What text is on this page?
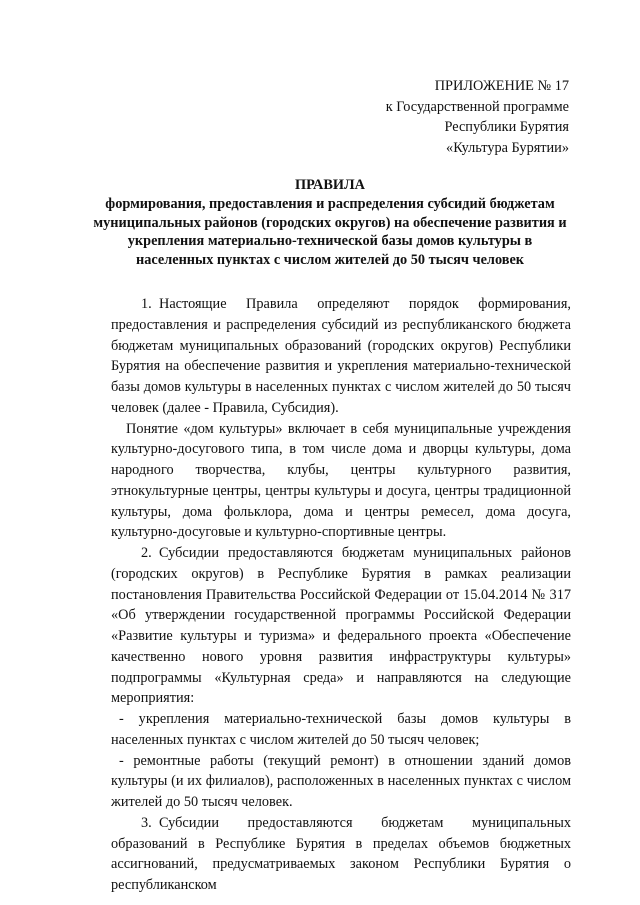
ПРИЛОЖЕНИЕ № 17
к Государственной программе
Республики Бурятия
«Культура Бурятии»
ПРАВИЛА
формирования, предоставления и распределения субсидий бюджетам муниципальных районов (городских округов) на обеспечение развития и укрепления материально-технической базы домов культуры в населенных пунктах с числом жителей до 50 тысяч человек

1. Настоящие Правила определяют порядок формирования, предоставления и распределения субсидий из республиканского бюджета бюджетам муниципальных образований (городских округов) Республики Бурятия на обеспечение развития и укрепления материально-технической базы домов культуры в населенных пунктах с числом жителей до 50 тысяч человек (далее - Правила, Субсидия).

Понятие «дом культуры» включает в себя муниципальные учреждения культурно-досугового типа, в том числе дома и дворцы культуры, дома народного творчества, клубы, центры культурного развития, этнокультурные центры, центры культуры и досуга, центры традиционной культуры, дома фольклора, дома и центры ремесел, дома досуга, культурно-досуговые и культурно-спортивные центры.

2. Субсидии предоставляются бюджетам муниципальных районов (городских округов) в Республике Бурятия в рамках реализации постановления Правительства Российской Федерации от 15.04.2014 № 317 «Об утверждении государственной программы Российской Федерации «Развитие культуры и туризма» и федерального проекта «Обеспечение качественно нового уровня развития инфраструктуры культуры» подпрограммы «Культурная среда» и направляются на следующие мероприятия:

- укрепления материально-технической базы домов культуры в населенных пунктах с числом жителей до 50 тысяч человек;

- ремонтные работы (текущий ремонт) в отношении зданий домов культуры (и их филиалов), расположенных в населенных пунктах с числом жителей до 50 тысяч человек.

3. Субсидии предоставляются бюджетам муниципальных образований в Республике Бурятия в пределах объемов бюджетных ассигнований, предусматриваемых законом Республики Бурятия о республиканском
